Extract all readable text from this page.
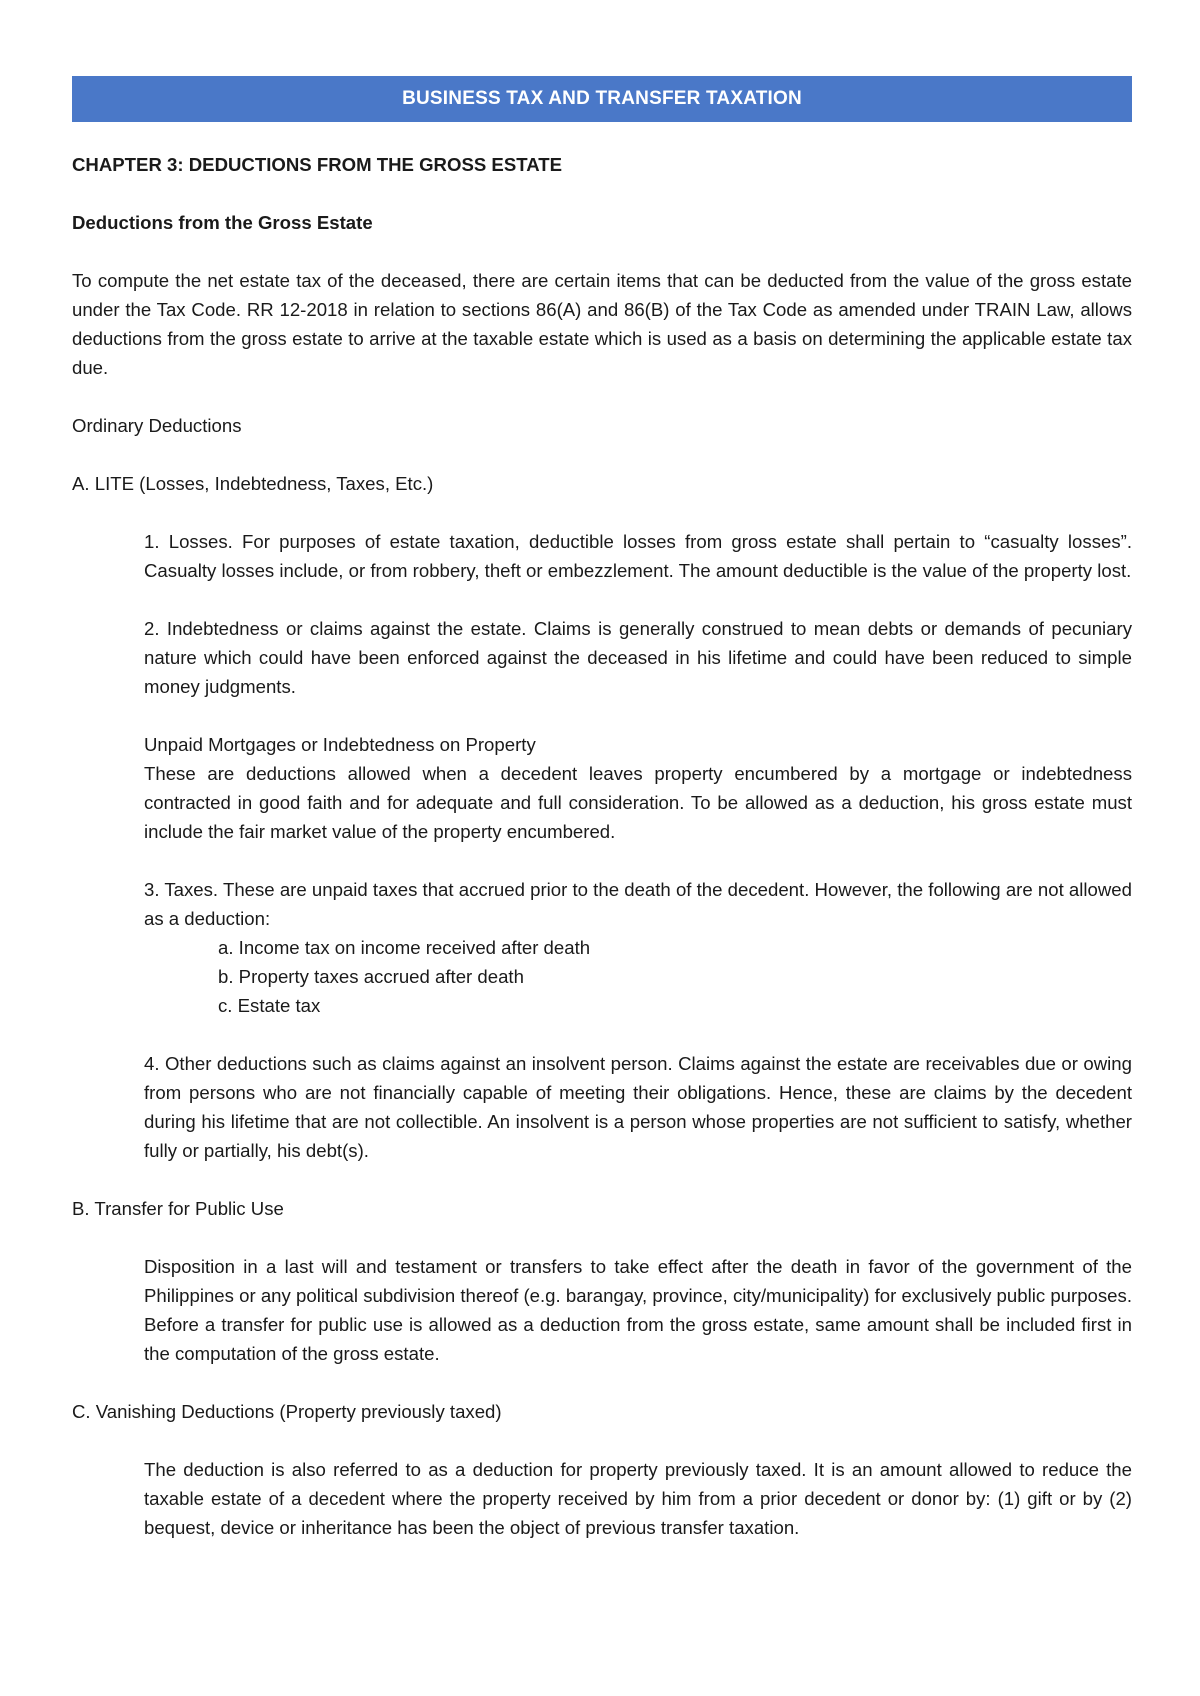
BUSINESS TAX AND TRANSFER TAXATION

CHAPTER 3: DEDUCTIONS FROM THE GROSS ESTATE

Deductions from the Gross Estate

To compute the net estate tax of the deceased, there are certain items that can be deducted from the value of the gross estate under the Tax Code. RR 12-2018 in relation to sections 86(A) and 86(B) of the Tax Code as amended under TRAIN Law, allows deductions from the gross estate to arrive at the taxable estate which is used as a basis on determining the applicable estate tax due.

Ordinary Deductions

A. LITE (Losses, Indebtedness, Taxes, Etc.)

1. Losses. For purposes of estate taxation, deductible losses from gross estate shall pertain to “casualty losses”. Casualty losses include, or from robbery, theft or embezzlement. The amount deductible is the value of the property lost.

2. Indebtedness or claims against the estate. Claims is generally construed to mean debts or demands of pecuniary nature which could have been enforced against the deceased in his lifetime and could have been reduced to simple money judgments.

Unpaid Mortgages or Indebtedness on Property

These are deductions allowed when a decedent leaves property encumbered by a mortgage or indebtedness contracted in good faith and for adequate and full consideration. To be allowed as a deduction, his gross estate must include the fair market value of the property encumbered.

3. Taxes. These are unpaid taxes that accrued prior to the death of the decedent. However, the following are not allowed as a deduction:

a. Income tax on income received after death

b. Property taxes accrued after death

c. Estate tax

4. Other deductions such as claims against an insolvent person. Claims against the estate are receivables due or owing from persons who are not financially capable of meeting their obligations. Hence, these are claims by the decedent during his lifetime that are not collectible. An insolvent is a person whose properties are not sufficient to satisfy, whether fully or partially, his debt(s).

B. Transfer for Public Use

Disposition in a last will and testament or transfers to take effect after the death in favor of the government of the Philippines or any political subdivision thereof (e.g. barangay, province, city/municipality) for exclusively public purposes. Before a transfer for public use is allowed as a deduction from the gross estate, same amount shall be included first in the computation of the gross estate.

C. Vanishing Deductions (Property previously taxed)

The deduction is also referred to as a deduction for property previously taxed. It is an amount allowed to reduce the taxable estate of a decedent where the property received by him from a prior decedent or donor by: (1) gift or by (2) bequest, device or inheritance has been the object of previous transfer taxation.
